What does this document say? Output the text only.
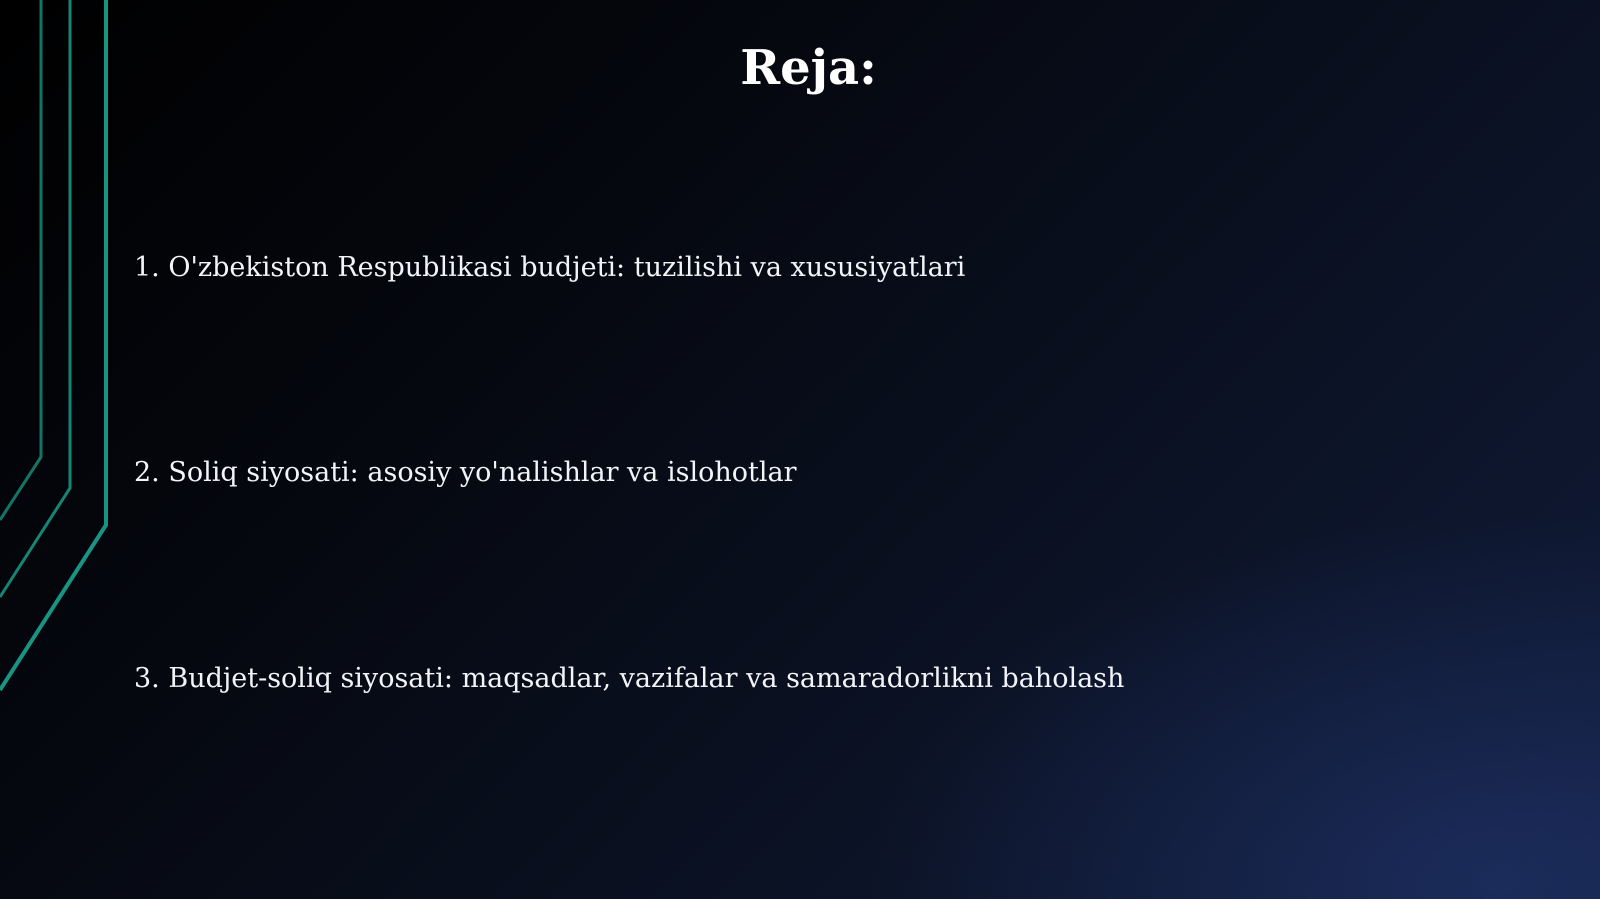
Reja:
1. O'zbekiston Respublikasi budjeti: tuzilishi va xususiyatlari
2. Soliq siyosati: asosiy yo'nalishlar va islohotlar
3. Budjet-soliq siyosati: maqsadlar, vazifalar va samaradorlikni baholash
